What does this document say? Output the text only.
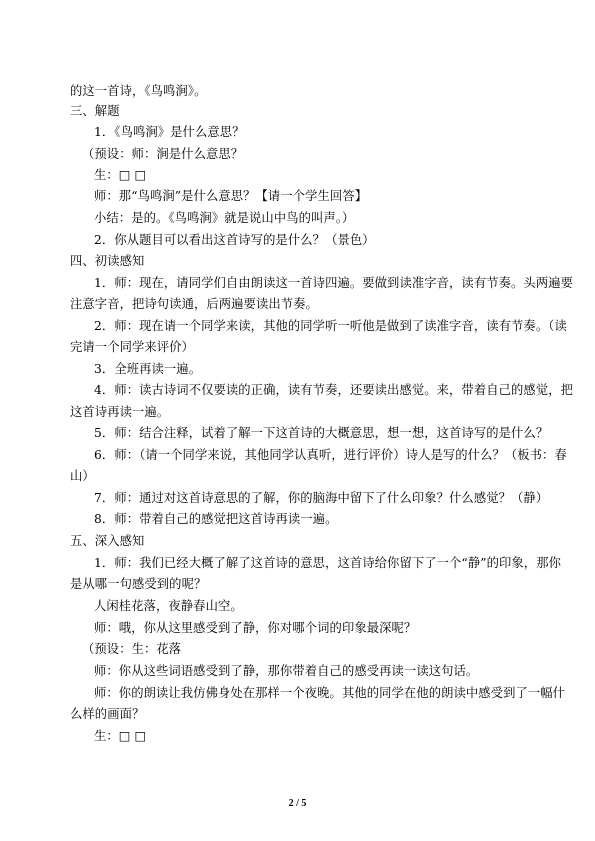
的这一首诗，《鸟鸣涧》。
三、解题
1．《鸟鸣涧》是什么意思？
（预设：师：涧是什么意思？
生：□ □
师：那“鸟鸣涧”是什么意思？【请一个学生回答】
小结：是的。《鸟鸣涧》就是说山中鸟的叫声。）
2．你从题目可以看出这首诗写的是什么？（景色）
四、初读感知
1．师：现在，请同学们自由朗读这一首诗四遍。要做到读准字音，读有节奏。头两遍要
注意字音，把诗句读通，后两遍要读出节奏。
2．师：现在请一个同学来读，其他的同学听一听他是做到了读准字音，读有节奏。（读
完请一个同学来评价）
3．全班再读一遍。
4．师：读古诗词不仅要读的正确，读有节奏，还要读出感觉。来，带着自己的感觉，把
这首诗再读一遍。
5．师：结合注释，试着了解一下这首诗的大概意思，想一想，这首诗写的是什么？
6．师：（请一个同学来说，其他同学认真听，进行评价）诗人是写的什么？（板书：春
山）
7．师：通过对这首诗意思的了解，你的脑海中留下了什么印象？什么感觉？（静）
8．师：带着自己的感觉把这首诗再读一遍。
五、深入感知
1．师：我们已经大概了解了这首诗的意思，这首诗给你留下了一个“静”的印象，那你
是从哪一句感受到的呢？
人闲桂花落，夜静春山空。
师：哦，你从这里感受到了静，你对哪个词的印象最深呢？
（预设：生：花落
师：你从这些词语感受到了静，那你带着自己的感受再读一读这句话。
师：你的朗读让我仿佛身处在那样一个夜晚。其他的同学在他的朗读中感受到了一幅什
么样的画面？
生：□ □
2 / 5
